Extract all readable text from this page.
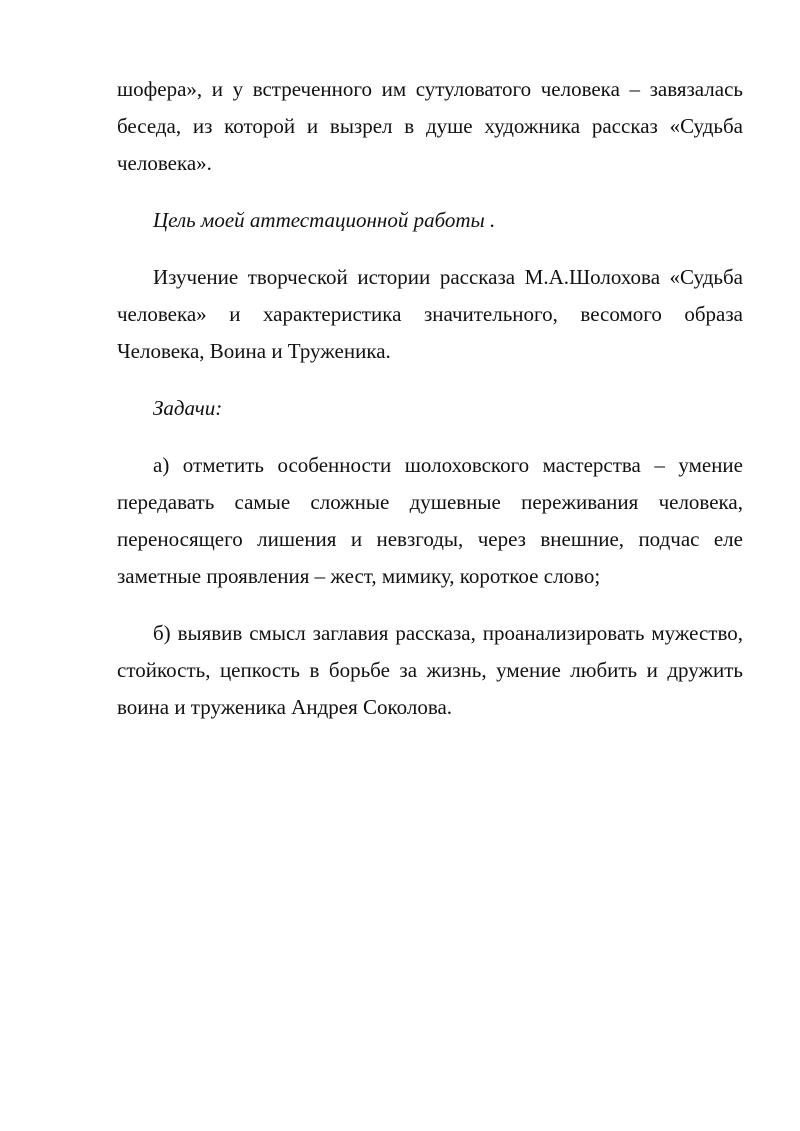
шофера», и у встреченного им сутуловатого человека – завязалась беседа, из которой и вызрел в душе художника рассказ «Судьба человека».

Цель моей аттестационной работы .

Изучение творческой истории рассказа М.А.Шолохова «Судьба человека» и характеристика значительного, весомого образа Человека, Воина и Труженика.

Задачи:

а) отметить особенности шолоховского мастерства – умение передавать самые сложные душевные переживания человека, переносящего лишения и невзгоды, через внешние, подчас еле заметные проявления – жест, мимику, короткое слово;

б) выявив смысл заглавия рассказа, проанализировать мужество, стойкость, цепкость в борьбе за жизнь, умение любить и дружить воина и труженика Андрея Соколова.
